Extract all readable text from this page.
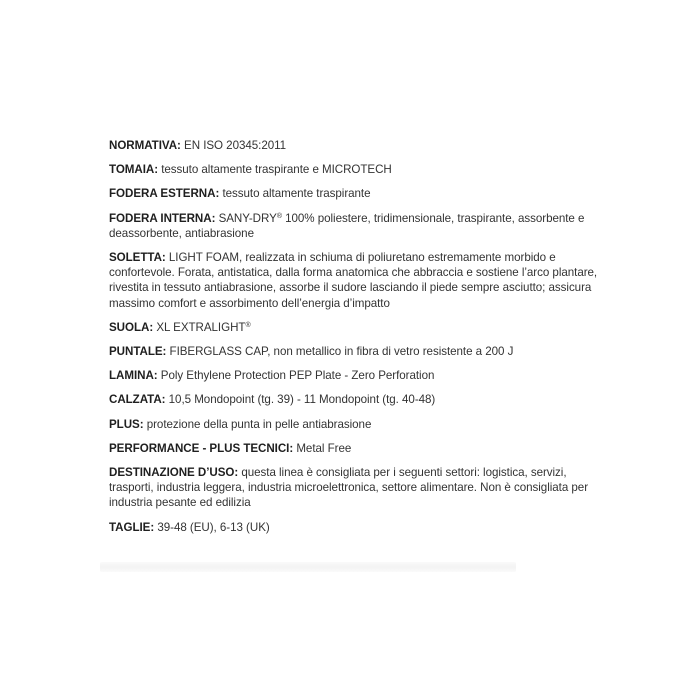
NORMATIVA: EN ISO 20345:2011

TOMAIA: tessuto altamente traspirante e MICROTECH

FODERA ESTERNA: tessuto altamente traspirante

FODERA INTERNA: SANY-DRY® 100% poliestere, tridimensionale, traspirante, assorbente e deassorbente, antiabrasione

SOLETTA: LIGHT FOAM, realizzata in schiuma di poliuretano estremamente morbido e confortevole. Forata, antistatica, dalla forma anatomica che abbraccia e sostiene l’arco plantare, rivestita in tessuto antiabrasione, assorbe il sudore lasciando il piede sempre asciutto; assicura massimo comfort e assorbimento dell’energia d’impatto

SUOLA: XL EXTRALIGHT®

PUNTALE: FIBERGLASS CAP, non metallico in fibra di vetro resistente a 200 J

LAMINA: Poly Ethylene Protection PEP Plate - Zero Perforation

CALZATA: 10,5 Mondopoint (tg. 39) - 11 Mondopoint (tg. 40-48)

PLUS: protezione della punta in pelle antiabrasione

PERFORMANCE - PLUS TECNICI: Metal Free

DESTINAZIONE D’USO: questa linea è consigliata per i seguenti settori: logistica, servizi, trasporti, industria leggera, industria microelettronica, settore alimentare. Non è consigliata per industria pesante ed edilizia

TAGLIE: 39-48 (EU), 6-13 (UK)
